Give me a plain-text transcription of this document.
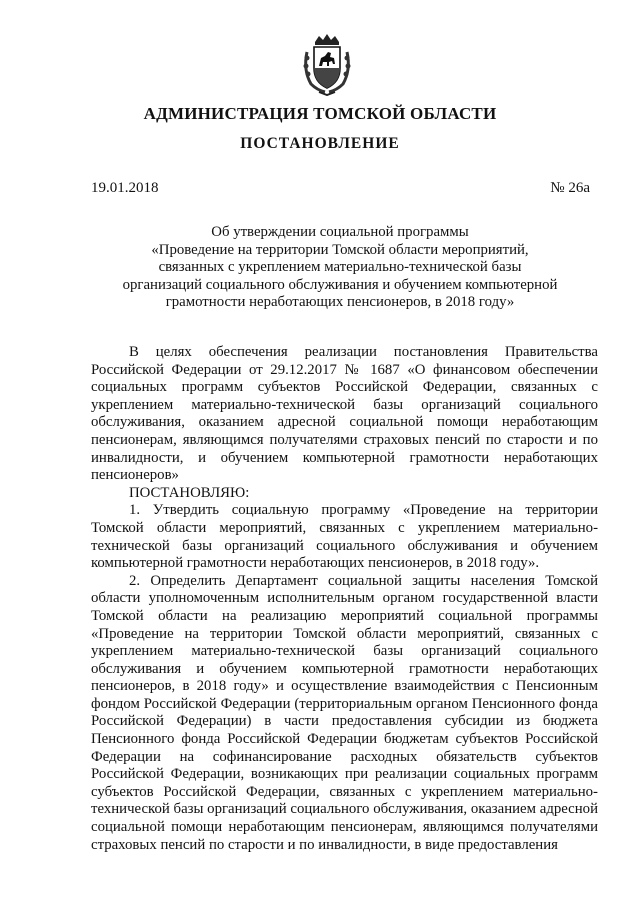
АДМИНИСТРАЦИЯ ТОМСКОЙ ОБЛАСТИ
ПОСТАНОВЛЕНИЕ
19.01.2018	№ 26а
Об утверждении социальной программы
«Проведение на территории Томской области мероприятий,
связанных с укреплением материально-технической базы
организаций социального обслуживания и обучением компьютерной
грамотности неработающих пенсионеров, в 2018 году»

В целях обеспечения реализации постановления Правительства Российской Федерации от 29.12.2017 № 1687 «О финансовом обеспечении социальных программ субъектов Российской Федерации, связанных с укреплением материально-технической базы организаций социального обслуживания, оказанием адресной социальной помощи неработающим пенсионерам, являющимся получателями страховых пенсий по старости и по инвалидности, и обучением компьютерной грамотности неработающих пенсионеров»

ПОСТАНОВЛЯЮ:

1. Утвердить социальную программу «Проведение на территории Томской области мероприятий, связанных с укреплением материально-технической базы организаций социального обслуживания и обучением компьютерной грамотности неработающих пенсионеров, в 2018 году».

2. Определить Департамент социальной защиты населения Томской области уполномоченным исполнительным органом государственной власти Томской области на реализацию мероприятий социальной программы «Проведение на территории Томской области мероприятий, связанных с укреплением материально-технической базы организаций социального обслуживания и обучением компьютерной грамотности неработающих пенсионеров, в 2018 году» и осуществление взаимодействия с Пенсионным фондом Российской Федерации (территориальным органом Пенсионного фонда Российской Федерации) в части предоставления субсидии из бюджета Пенсионного фонда Российской Федерации бюджетам субъектов Российской Федерации на софинансирование расходных обязательств субъектов Российской Федерации, возникающих при реализации социальных программ субъектов Российской Федерации, связанных с укреплением материально-технической базы организаций социального обслуживания, оказанием адресной социальной помощи неработающим пенсионерам, являющимся получателями страховых пенсий по старости и по инвалидности, в виде предоставления
